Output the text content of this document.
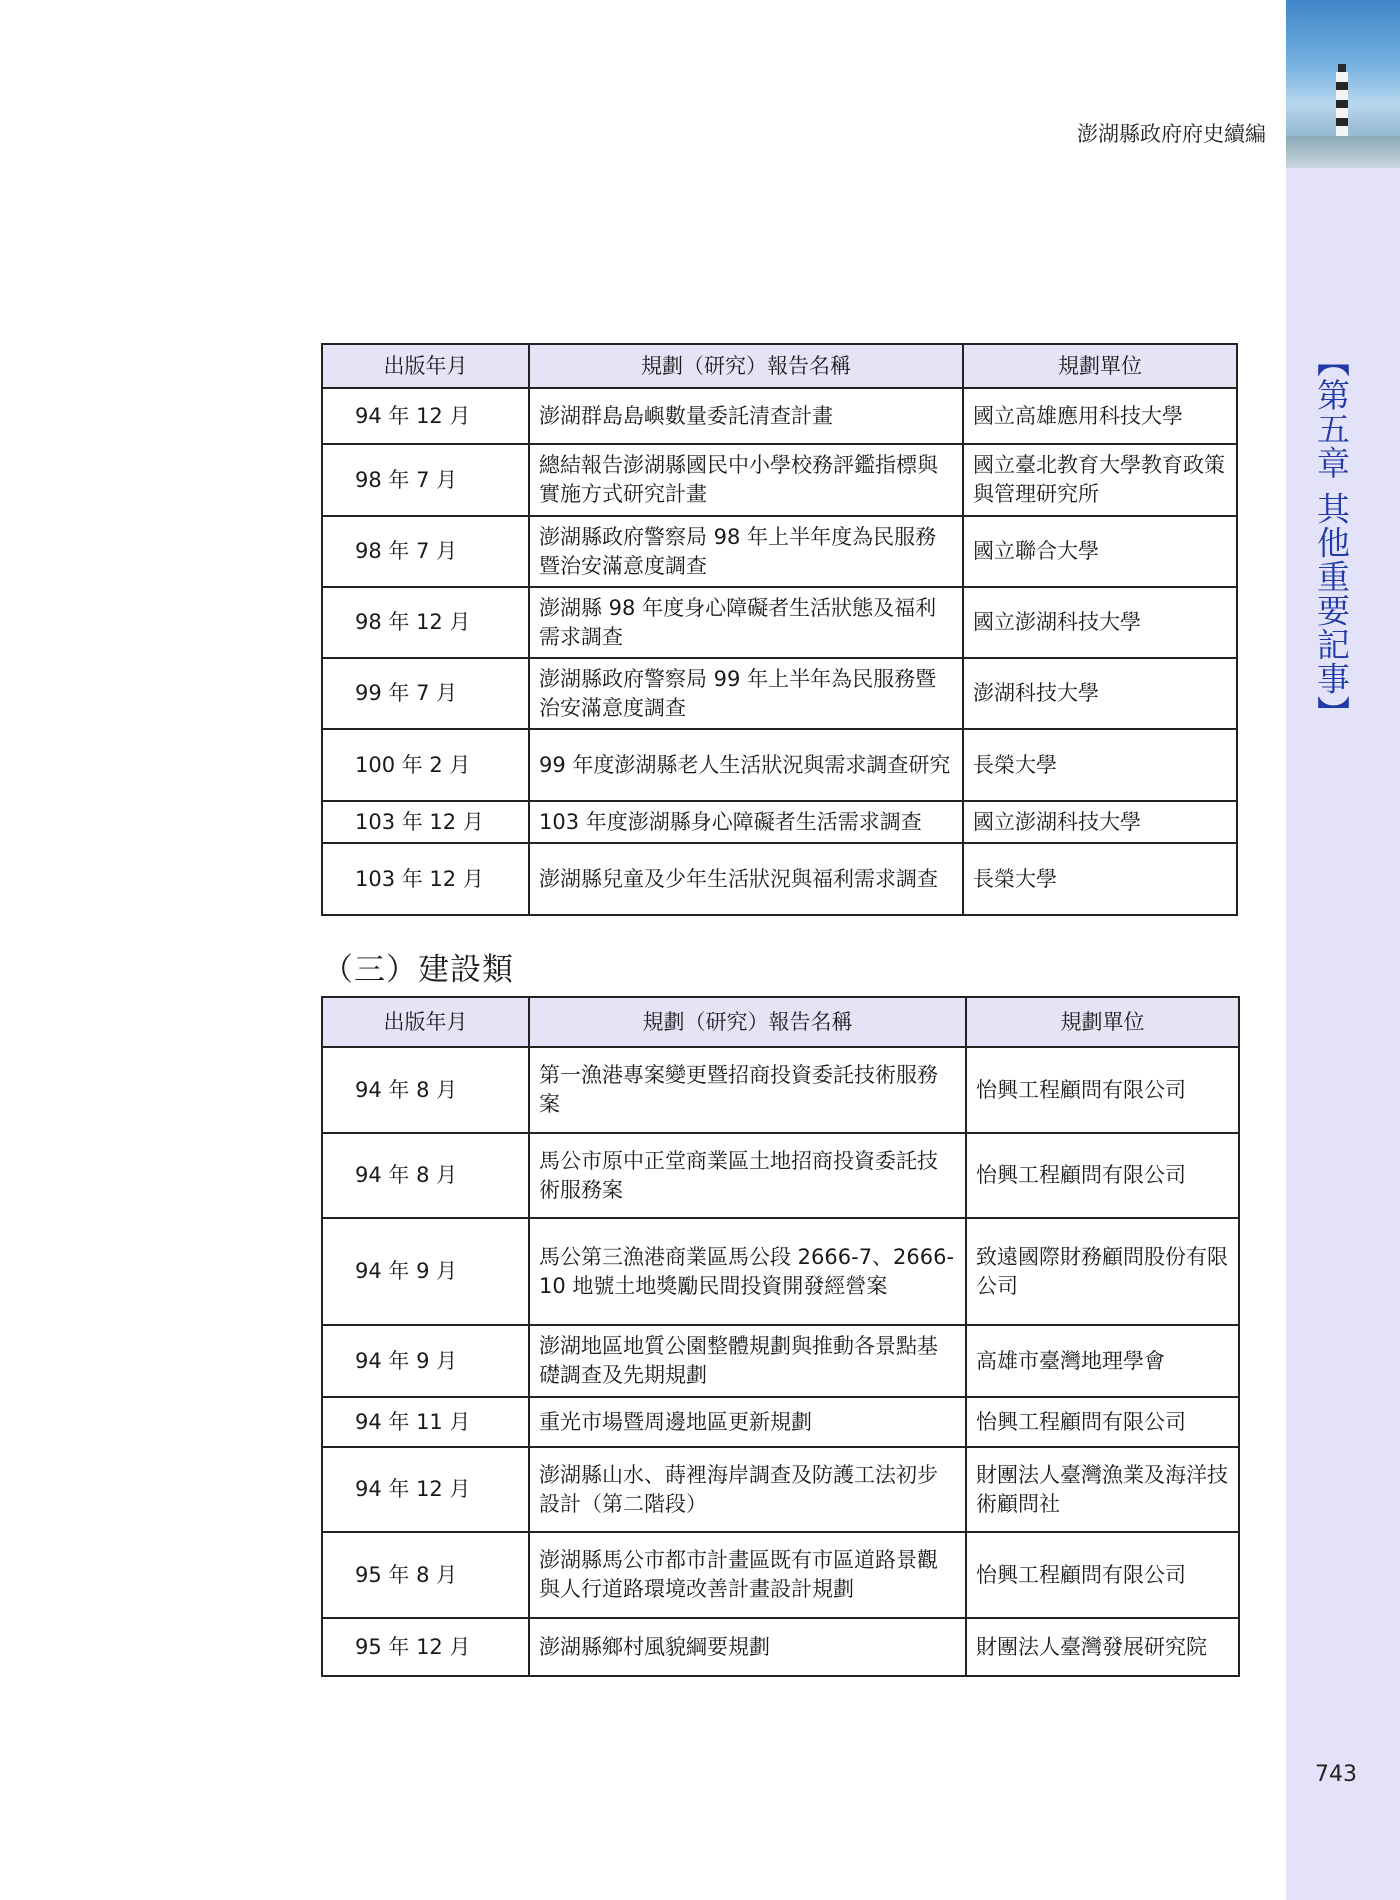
澎湖縣政府府史續編
【第五章 其他重要記事】
出版年月	規劃（研究）報告名稱	規劃單位
94 年 12 月	澎湖群島島嶼數量委託清查計畫	國立高雄應用科技大學
98 年 7 月	總結報告澎湖縣國民中小學校務評鑑指標與實施方式研究計畫	國立臺北教育大學教育政策與管理研究所
98 年 7 月	澎湖縣政府警察局 98 年上半年度為民服務暨治安滿意度調查	國立聯合大學
98 年 12 月	澎湖縣 98 年度身心障礙者生活狀態及福利需求調查	國立澎湖科技大學
99 年 7 月	澎湖縣政府警察局 99 年上半年為民服務暨治安滿意度調查	澎湖科技大學
100 年 2 月	99 年度澎湖縣老人生活狀況與需求調查研究	長榮大學
103 年 12 月	103 年度澎湖縣身心障礙者生活需求調查	國立澎湖科技大學
103 年 12 月	澎湖縣兒童及少年生活狀況與福利需求調查	長榮大學
（三）建設類
出版年月	規劃（研究）報告名稱	規劃單位
94 年 8 月	第一漁港專案變更暨招商投資委託技術服務案	怡興工程顧問有限公司
94 年 8 月	馬公市原中正堂商業區土地招商投資委託技術服務案	怡興工程顧問有限公司
94 年 9 月	馬公第三漁港商業區馬公段 2666-7、2666-10 地號土地獎勵民間投資開發經營案	致遠國際財務顧問股份有限公司
94 年 9 月	澎湖地區地質公園整體規劃與推動各景點基礎調查及先期規劃	高雄市臺灣地理學會
94 年 11 月	重光市場暨周邊地區更新規劃	怡興工程顧問有限公司
94 年 12 月	澎湖縣山水、蒔裡海岸調查及防護工法初步設計（第二階段）	財團法人臺灣漁業及海洋技術顧問社
95 年 8 月	澎湖縣馬公市都市計畫區既有市區道路景觀與人行道路環境改善計畫設計規劃	怡興工程顧問有限公司
95 年 12 月	澎湖縣鄉村風貌綱要規劃	財團法人臺灣發展研究院
743
